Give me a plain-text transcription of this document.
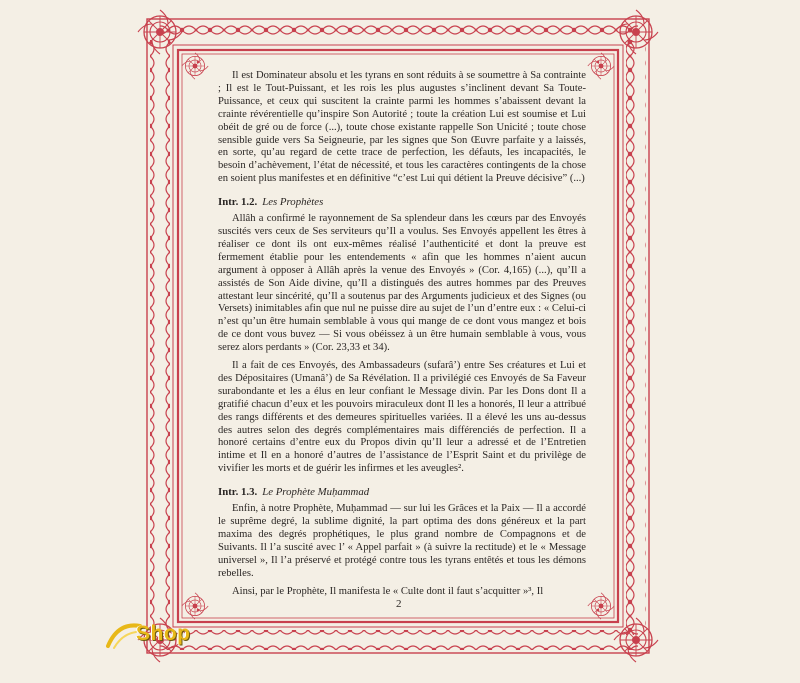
Il est Dominateur absolu et les tyrans en sont réduits à se soumettre à Sa contrainte ; Il est le Tout-Puissant, et les rois les plus augustes s’inclinent devant Sa Toute-Puissance, et ceux qui suscitent la crainte parmi les hommes s’abaissent devant la crainte révérentielle qu’inspire Son Autorité ; toute la création Lui est soumise et Lui obéit de gré ou de force (...), toute chose existante rappelle Son Unicité ; toute chose sensible guide vers Sa Seigneurie, par les signes que Son Œuvre parfaite y a laissés, en sorte, qu’au regard de cette trace de perfection, les défauts, les incapacités, le besoin d’achèvement, l’état de nécessité, et tous les caractères contingents de la chose en soient plus manifestes et en définitive “c’est Lui qui détient la Preuve décisive” (...)

Intr. 1.2. Les Prophètes

Allâh a confirmé le rayonnement de Sa splendeur dans les cœurs par des Envoyés suscités vers ceux de Ses serviteurs qu’Il a voulus. Ses Envoyés appellent les êtres à réaliser ce dont ils ont eux-mêmes réalisé l’authenticité et dont la preuve est fermement établie pour les entendements « afin que les hommes n’aient aucun argument à opposer à Allâh après la venue des Envoyés » (Cor. 4,165) (...), qu’Il a assistés de Son Aide divine, qu’Il a distingués des autres hommes par des Preuves attestant leur sincérité, qu’Il a soutenus par des Arguments judicieux et des Signes (ou Versets) inimitables afin que nul ne puisse dire au sujet de l’un d’entre eux : « Celui-ci n’est qu’un être humain semblable à vous qui mange de ce dont vous mangez et bois de ce dont vous buvez — Si vous obéissez à un être humain semblable à vous, vous serez alors perdants » (Cor. 23,33 et 34).

Il a fait de ces Envoyés, des Ambassadeurs (sufarâ’) entre Ses créatures et Lui et des Dépositaires (Umanâ’) de Sa Révélation. Il a privilégié ces Envoyés de Sa Faveur surabondante et les a élus en leur confiant le Message divin. Par les Dons dont Il a gratifié chacun d’eux et les pouvoirs miraculeux dont Il les a honorés, Il leur a attribué des rangs différents et des demeures spirituelles variées. Il a élevé les uns au-dessus des autres selon des degrés complémentaires mais différenciés de perfection. Il a honoré certains d’entre eux du Propos divin qu’Il leur a adressé et de l’Entretien intime et Il en a honoré d’autres de l’assistance de l’Esprit Saint et du privilège de vivifier les morts et de guérir les infirmes et les aveugles².

Intr. 1.3. Le Prophète Muḥammad

Enfin, à notre Prophète, Muḥammad — sur lui les Grâces et la Paix — Il a accordé le suprême degré, la sublime dignité, la part optima des dons généreux et la part maxima des degrés prophétiques, le plus grand nombre de Compagnons et de Suivants. Il l’a suscité avec l’ « Appel parfait » (à suivre la rectitude) et le « Message universel », Il l’a préservé et protégé contre tous les tyrans entêtés et tous les démons rebelles.

Ainsi, par le Prophète, Il manifesta le « Culte dont il faut s’acquitter »³, Il

2
Shop
